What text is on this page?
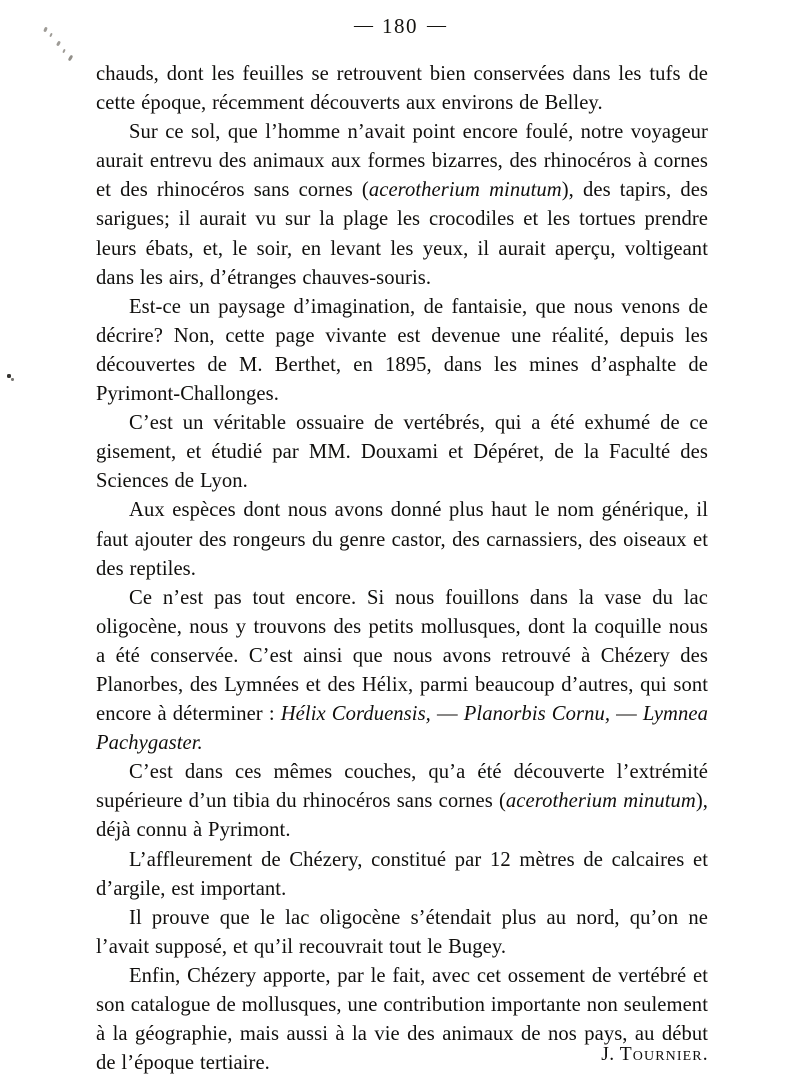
— 180 —

chauds, dont les feuilles se retrouvent bien conservées dans les tufs de cette époque, récemment découverts aux environs de Belley.

Sur ce sol, que l’homme n’avait point encore foulé, notre voyageur aurait entrevu des animaux aux formes bizarres, des rhinocéros à cornes et des rhinocéros sans cornes (acerotherium minutum), des tapirs, des sarigues; il aurait vu sur la plage les crocodiles et les tortues prendre leurs ébats, et, le soir, en levant les yeux, il aurait aperçu, voltigeant dans les airs, d’étranges chauves-souris.

Est-ce un paysage d’imagination, de fantaisie, que nous venons de décrire? Non, cette page vivante est devenue une réalité, depuis les découvertes de M. Berthet, en 1895, dans les mines d’asphalte de Pyrimont-Challonges.

C’est un véritable ossuaire de vertébrés, qui a été exhumé de ce gisement, et étudié par MM. Douxami et Dépéret, de la Faculté des Sciences de Lyon.

Aux espèces dont nous avons donné plus haut le nom générique, il faut ajouter des rongeurs du genre castor, des carnassiers, des oiseaux et des reptiles.

Ce n’est pas tout encore. Si nous fouillons dans la vase du lac oligocène, nous y trouvons des petits mollusques, dont la coquille nous a été conservée. C’est ainsi que nous avons retrouvé à Chézery des Planorbes, des Lymnées et des Hélix, parmi beaucoup d’autres, qui sont encore à déterminer : Hélix Corduensis, — Planorbis Cornu, — Lymnea Pachygaster.

C’est dans ces mêmes couches, qu’a été découverte l’extrémité supérieure d’un tibia du rhinocéros sans cornes (acerotherium minutum), déjà connu à Pyrimont.

L’affleurement de Chézery, constitué par 12 mètres de calcaires et d’argile, est important.

Il prouve que le lac oligocène s’étendait plus au nord, qu’on ne l’avait supposé, et qu’il recouvrait tout le Bugey.

Enfin, Chézery apporte, par le fait, avec cet ossement de vertébré et son catalogue de mollusques, une contribution importante non seulement à la géographie, mais aussi à la vie des animaux de nos pays, au début de l’époque tertiaire.	J. Tournier.
